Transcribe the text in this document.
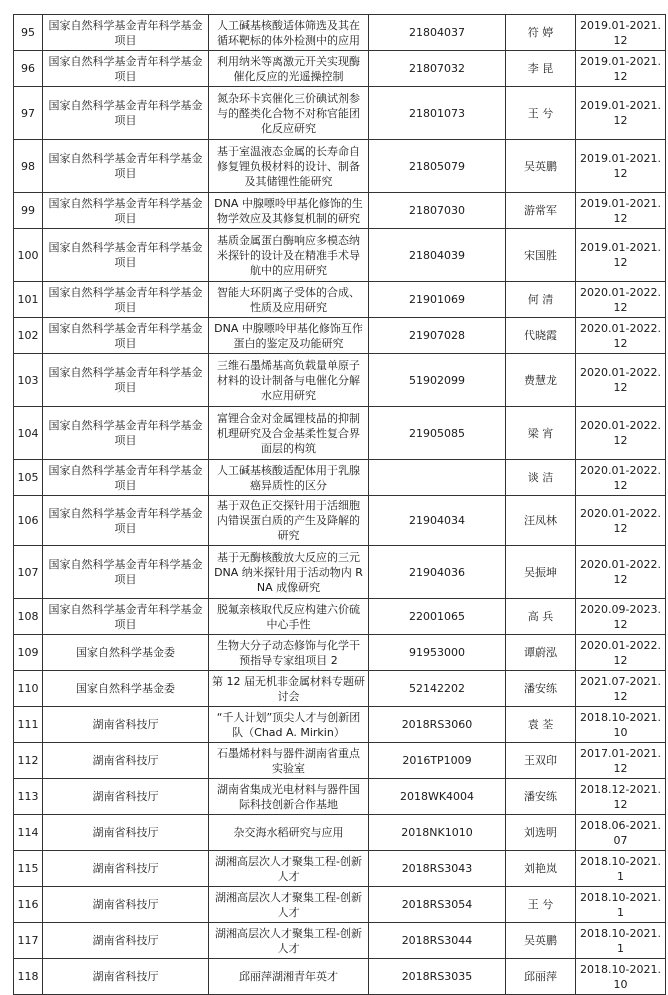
95	国家自然科学基金青年科学基金项目	人工碱基核酸适体筛选及其在循环靶标的体外检测中的应用	21804037	符 婷	2019.01-2021.12
96	国家自然科学基金青年科学基金项目	利用纳米等离激元开关实现酶催化反应的光遥操控制	21807032	李 昆	2019.01-2021.12
97	国家自然科学基金青年科学基金项目	氮杂环卡宾催化三价碘试剂参与的醛类化合物不对称官能团化反应研究	21801073	王 兮	2019.01-2021.12
98	国家自然科学基金青年科学基金项目	基于室温液态金属的长寿命自修复锂负极材料的设计、制备及其储锂性能研究	21805079	吴英鹏	2019.01-2021.12
99	国家自然科学基金青年科学基金项目	DNA 中腺嘌呤甲基化修饰的生物学效应及其修复机制的研究	21807030	游常军	2019.01-2021.12
100	国家自然科学基金青年科学基金项目	基质金属蛋白酶响应多模态纳米探针的设计及在精准手术导航中的应用研究	21804039	宋国胜	2019.01-2021.12
101	国家自然科学基金青年科学基金项目	智能大环阴离子受体的合成、性质及应用研究	21901069	何 清	2020.01-2022.12
102	国家自然科学基金青年科学基金项目	DNA 中腺嘌呤甲基化修饰互作蛋白的鉴定及功能研究	21907028	代晓霞	2020.01-2022.12
103	国家自然科学基金青年科学基金项目	三维石墨烯基高负载量单原子材料的设计制备与电催化分解水应用研究	51902099	费慧龙	2020.01-2022.12
104	国家自然科学基金青年科学基金项目	富锂合金对金属锂枝晶的抑制机理研究及合金基柔性复合界面层的构筑	21905085	梁 宵	2020.01-2022.12
105	国家自然科学基金青年科学基金项目	人工碱基核酸适配体用于乳腺癌异质性的区分		谈 洁	2020.01-2022.12
106	国家自然科学基金青年科学基金项目	基于双色正交探针用于活细胞内错误蛋白质的产生及降解的研究	21904034	汪凤林	2020.01-2022.12
107	国家自然科学基金青年科学基金项目	基于无酶核酸放大反应的三元 DNA 纳米探针用于活动物内 RNA 成像研究	21904036	吴振坤	2020.01-2022.12
108	国家自然科学基金青年科学基金项目	脱氟亲核取代反应构建六价硫中心手性	22001065	高 兵	2020.09-2023.12
109	国家自然科学基金委	生物大分子动态修饰与化学干预指导专家组项目 2	91953000	谭蔚泓	2020.01-2022.12
110	国家自然科学基金委	第 12 届无机非金属材料专题研讨会	52142202	潘安练	2021.07-2021.12
111	湖南省科技厅	“千人计划”顶尖人才与创新团队（Chad A. Mirkin）	2018RS3060	袁 荃	2018.10-2021.10
112	湖南省科技厅	石墨烯材料与器件湖南省重点实验室	2016TP1009	王双印	2017.01-2021.12
113	湖南省科技厅	湖南省集成光电材料与器件国际科技创新合作基地	2018WK4004	潘安练	2018.12-2021.12
114	湖南省科技厅	杂交海水稻研究与应用	2018NK1010	刘选明	2018.06-2021.07
115	湖南省科技厅	湖湘高层次人才聚集工程-创新人才	2018RS3043	刘艳岚	2018.10-2021.1
116	湖南省科技厅	湖湘高层次人才聚集工程-创新人才	2018RS3054	王 兮	2018.10-2021.1
117	湖南省科技厅	湖湘高层次人才聚集工程-创新人才	2018RS3044	吴英鹏	2018.10-2021.1
118	湖南省科技厅	邱丽萍湖湘青年英才	2018RS3035	邱丽萍	2018.10-2021.10
